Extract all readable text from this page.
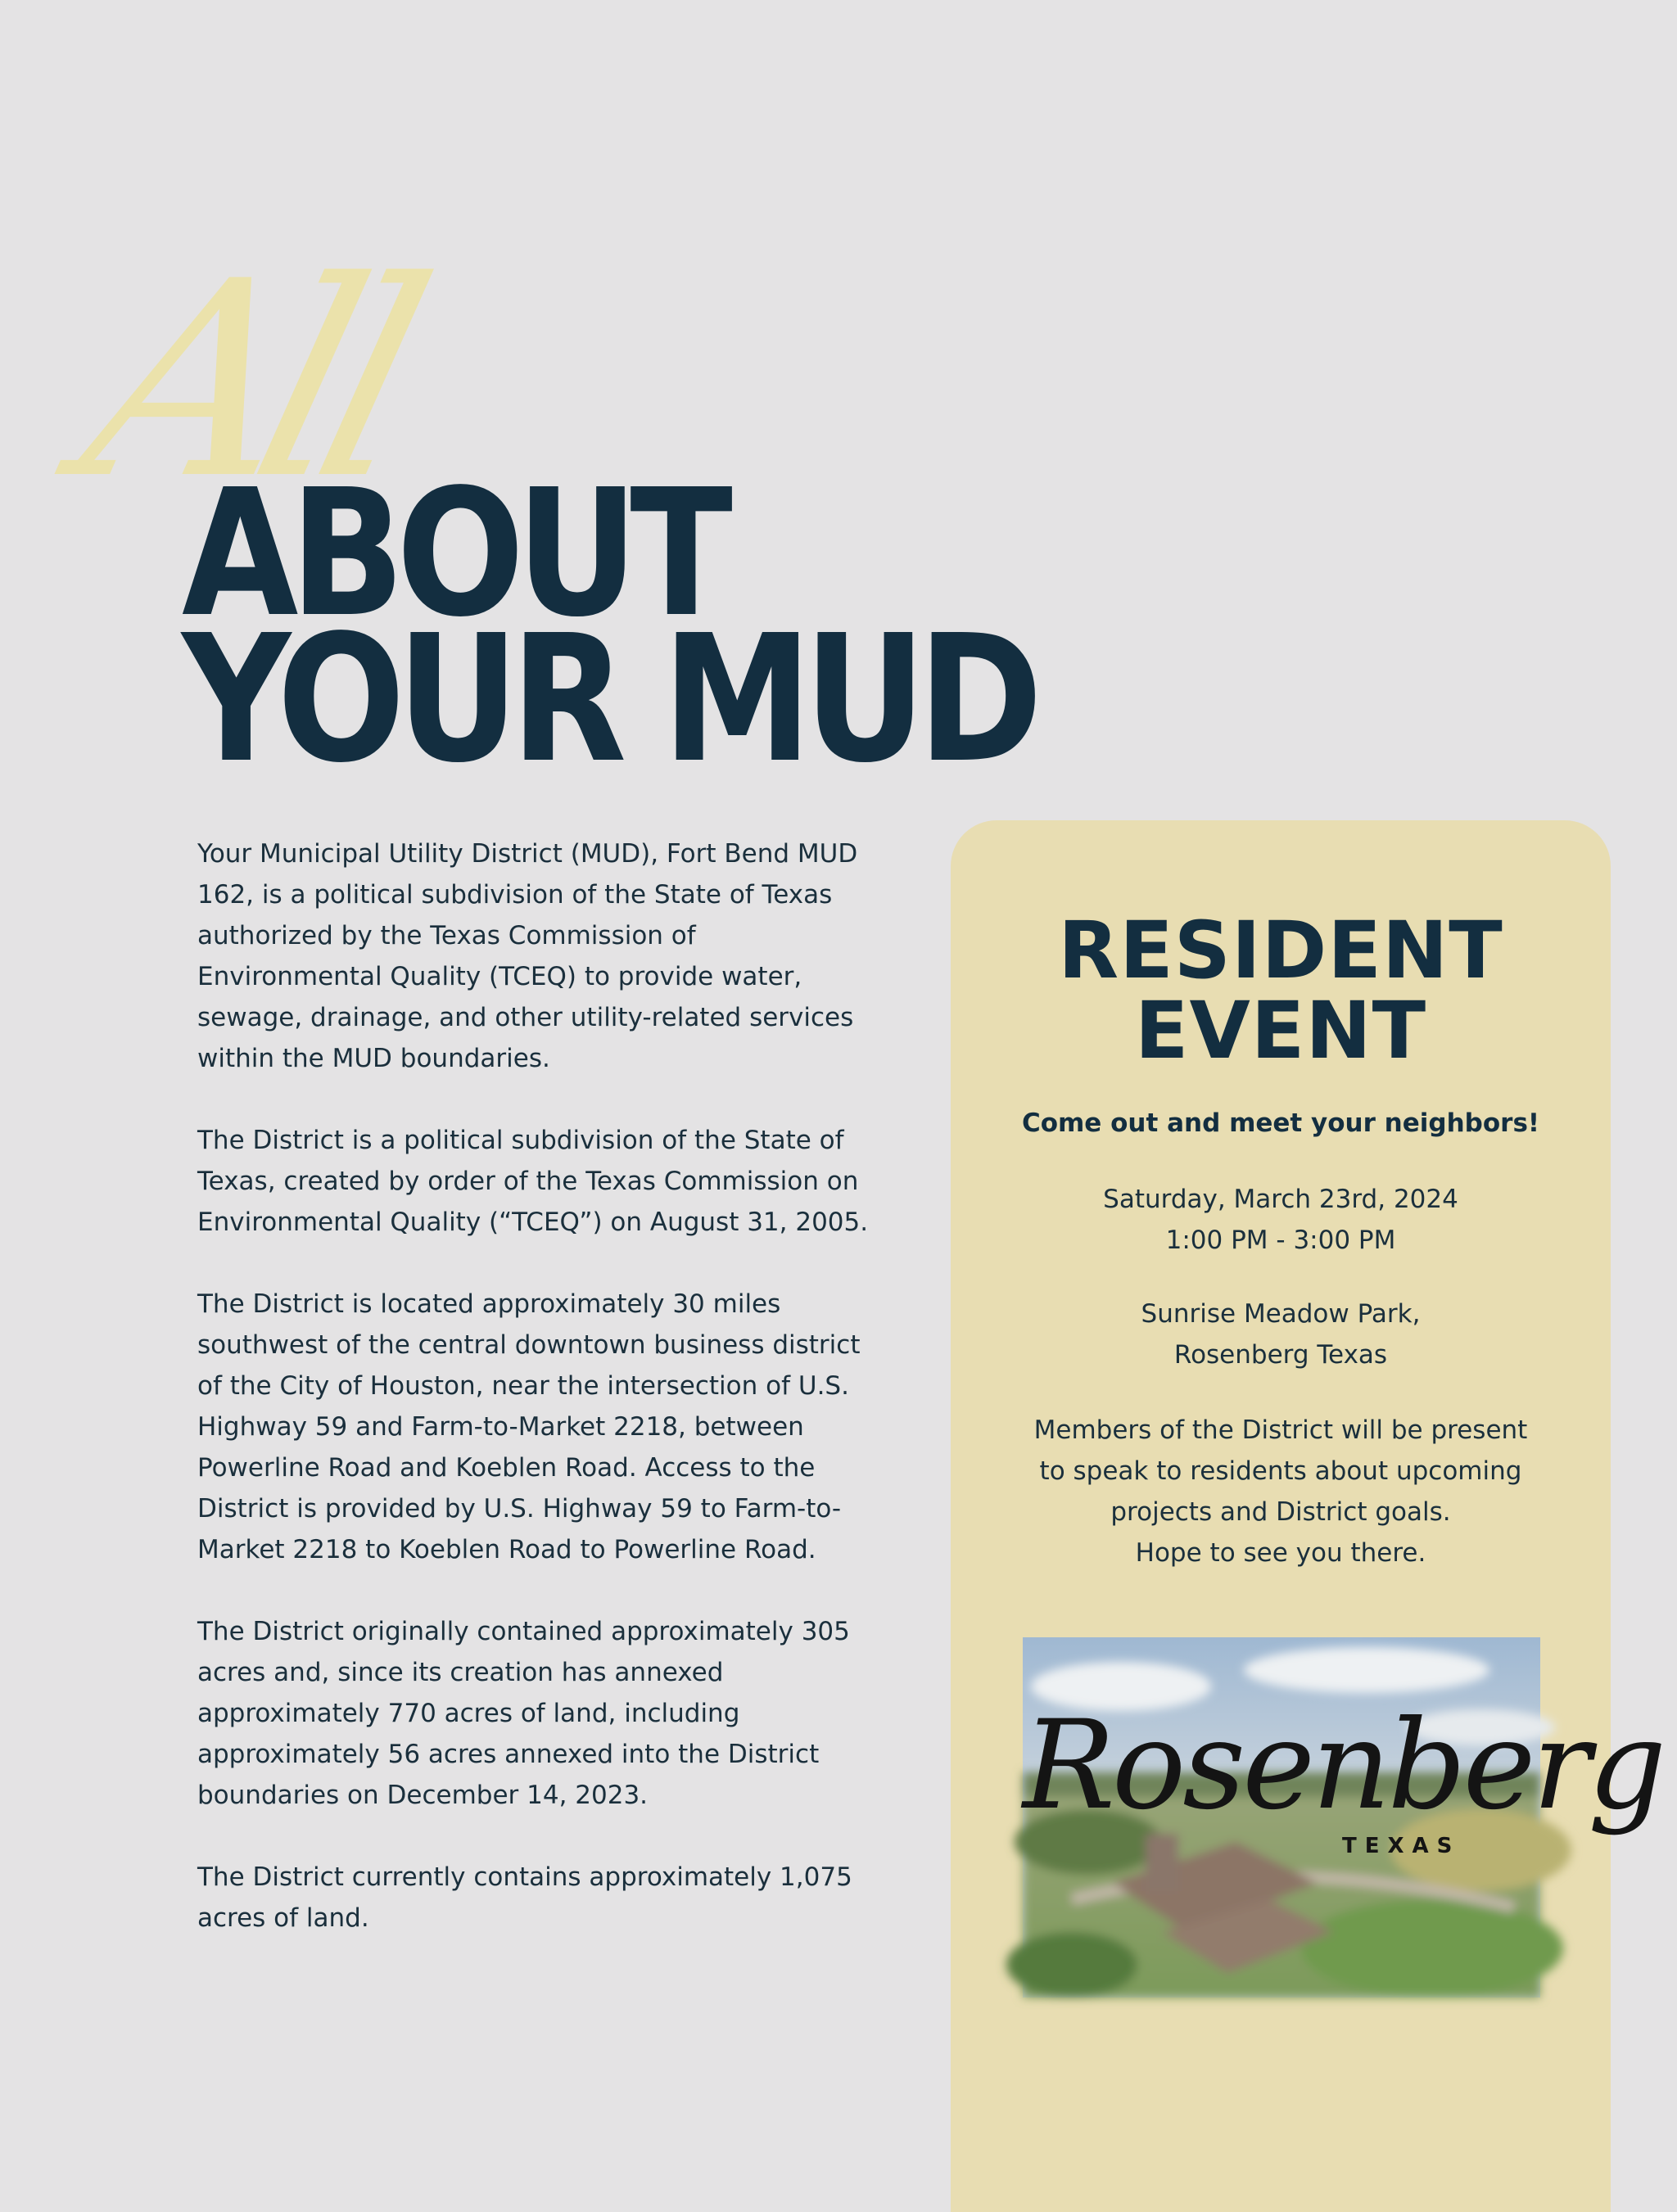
All
ABOUT
YOUR MUD

Your Municipal Utility District (MUD), Fort Bend MUD 162, is a political subdivision of the State of Texas authorized by the Texas Commission of Environmental Quality (TCEQ) to provide water, sewage, drainage, and other utility-related services within the MUD boundaries.

The District is a political subdivision of the State of Texas, created by order of the Texas Commission on Environmental Quality (“TCEQ”) on August 31, 2005.

The District is located approximately 30 miles southwest of the central downtown business district of the City of Houston, near the intersection of U.S. Highway 59 and Farm-to-Market 2218, between Powerline Road and Koeblen Road. Access to the District is provided by U.S. Highway 59 to Farm-to-Market 2218 to Koeblen Road to Powerline Road.

The District originally contained approximately 305 acres and, since its creation has annexed approximately 770 acres of land, including approximately 56 acres annexed into the District boundaries on December 14, 2023.

The District currently contains approximately 1,075 acres of land.

RESIDENT
EVENT
Come out and meet your neighbors!
Saturday, March 23rd, 2024
1:00 PM - 3:00 PM
Sunrise Meadow Park,
Rosenberg Texas
Members of the District will be present
to speak to residents about upcoming
projects and District goals.
Hope to see you there.
Rosenberg
TEXAS
